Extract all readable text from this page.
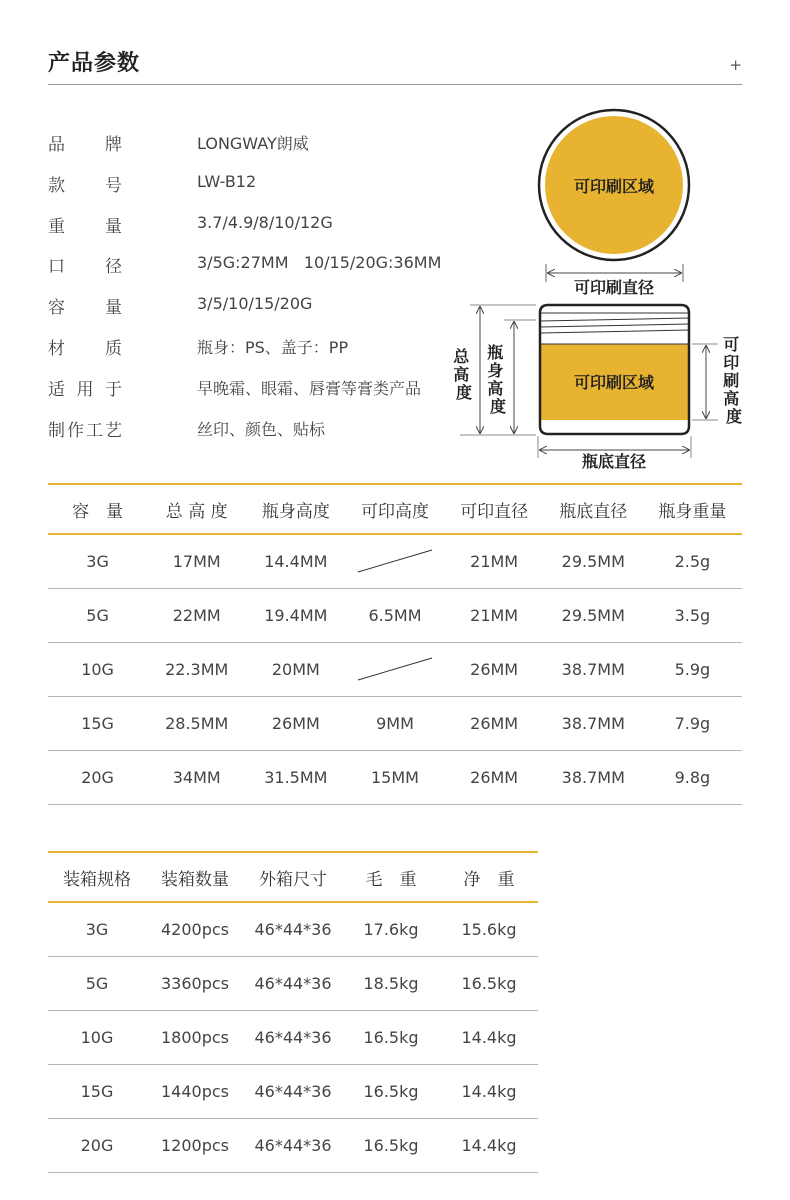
产品参数	+
品牌	LONGWAY朗威
款号	LW-B12
重量	3.7/4.9/8/10/12G
口径	3/5G:27MM   10/15/20G:36MM
容量	3/5/10/15/20G
材质	瓶身：PS、盖子：PP
适用于	早晚霜、眼霜、唇膏等膏类产品
制作工艺	丝印、颜色、贴标
可印刷区域
可印刷直径
可印刷区域
总 高 度
瓶 身 高 度
可 印 刷 高 度
瓶底直径
容　量	总 高 度	瓶身高度	可印高度	可印直径	瓶底直径	瓶身重量
3G	17MM	14.4MM		21MM	29.5MM	2.5g
5G	22MM	19.4MM	6.5MM	21MM	29.5MM	3.5g
10G	22.3MM	20MM		26MM	38.7MM	5.9g
15G	28.5MM	26MM	9MM	26MM	38.7MM	7.9g
20G	34MM	31.5MM	15MM	26MM	38.7MM	9.8g
装箱规格	装箱数量	外箱尺寸	毛　重	净　重
3G	4200pcs	46*44*36	17.6kg	15.6kg
5G	3360pcs	46*44*36	18.5kg	16.5kg
10G	1800pcs	46*44*36	16.5kg	14.4kg
15G	1440pcs	46*44*36	16.5kg	14.4kg
20G	1200pcs	46*44*36	16.5kg	14.4kg
